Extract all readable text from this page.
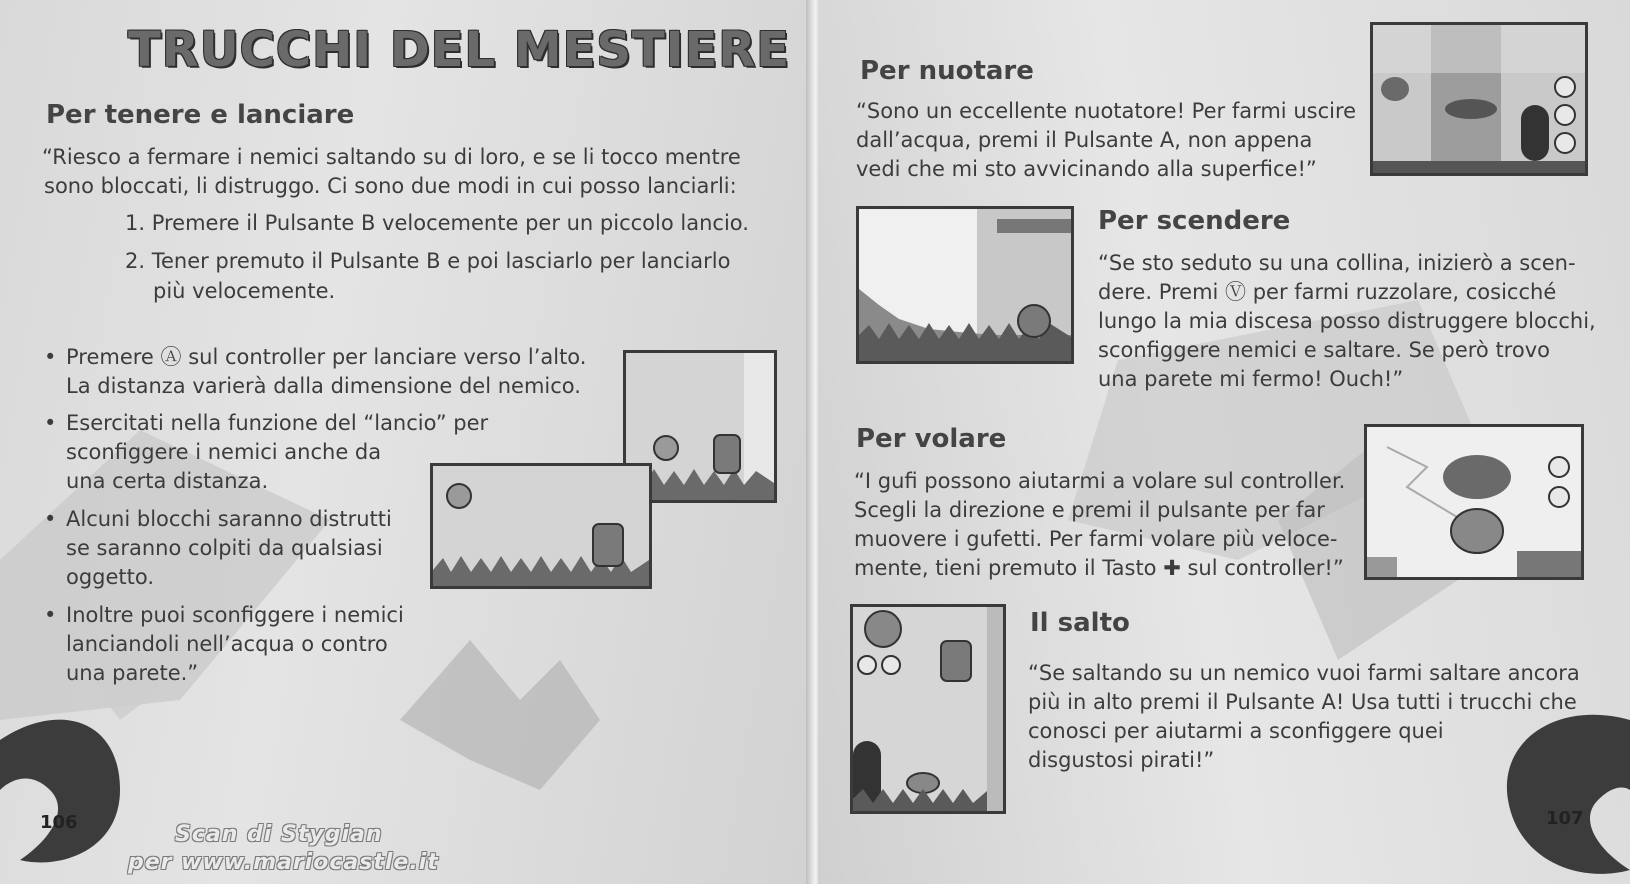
TRUCCHI DEL MESTIERE
Per tenere e lanciare
“Riesco a fermare i nemici saltando su di loro, e se li tocco mentre
sono bloccati, li distruggo. Ci sono due modi in cui posso lanciarli:
1. Premere il Pulsante B velocemente per un piccolo lancio.
2. Tener premuto il Pulsante B e poi lasciarlo per lanciarlo
più velocemente.
• Premere Ⓐ sul controller per lanciare verso l’alto.
La distanza varierà dalla dimensione del nemico.
• Esercitati nella funzione del “lancio” per
sconfiggere i nemici anche da
una certa distanza.
• Alcuni blocchi saranno distrutti
se saranno colpiti da qualsiasi
oggetto.
• Inoltre puoi sconfiggere i nemici
lanciandoli nell’acqua o contro
una parete.”
106	Scan di Stygian
per www.mariocastle.it
Per nuotare
“Sono un eccellente nuotatore! Per farmi uscire
dall’acqua, premi il Pulsante A, non appena
vedi che mi sto avvicinando alla superfice!”
Per scendere
“Se sto seduto su una collina, inizierò a scen-
dere. Premi Ⓥ per farmi ruzzolare, cosicché
lungo la mia discesa posso distruggere blocchi,
sconfiggere nemici e saltare. Se però trovo
una parete mi fermo! Ouch!”
Per volare
“I gufi possono aiutarmi a volare sul controller.
Scegli la direzione e premi il pulsante per far
muovere i gufetti. Per farmi volare più veloce-
mente, tieni premuto il Tasto ✚ sul controller!”
Il salto
“Se saltando su un nemico vuoi farmi saltare ancora
più in alto premi il Pulsante A! Usa tutti i trucchi che
conosci per aiutarmi a sconfiggere quei
disgustosi pirati!”
107
